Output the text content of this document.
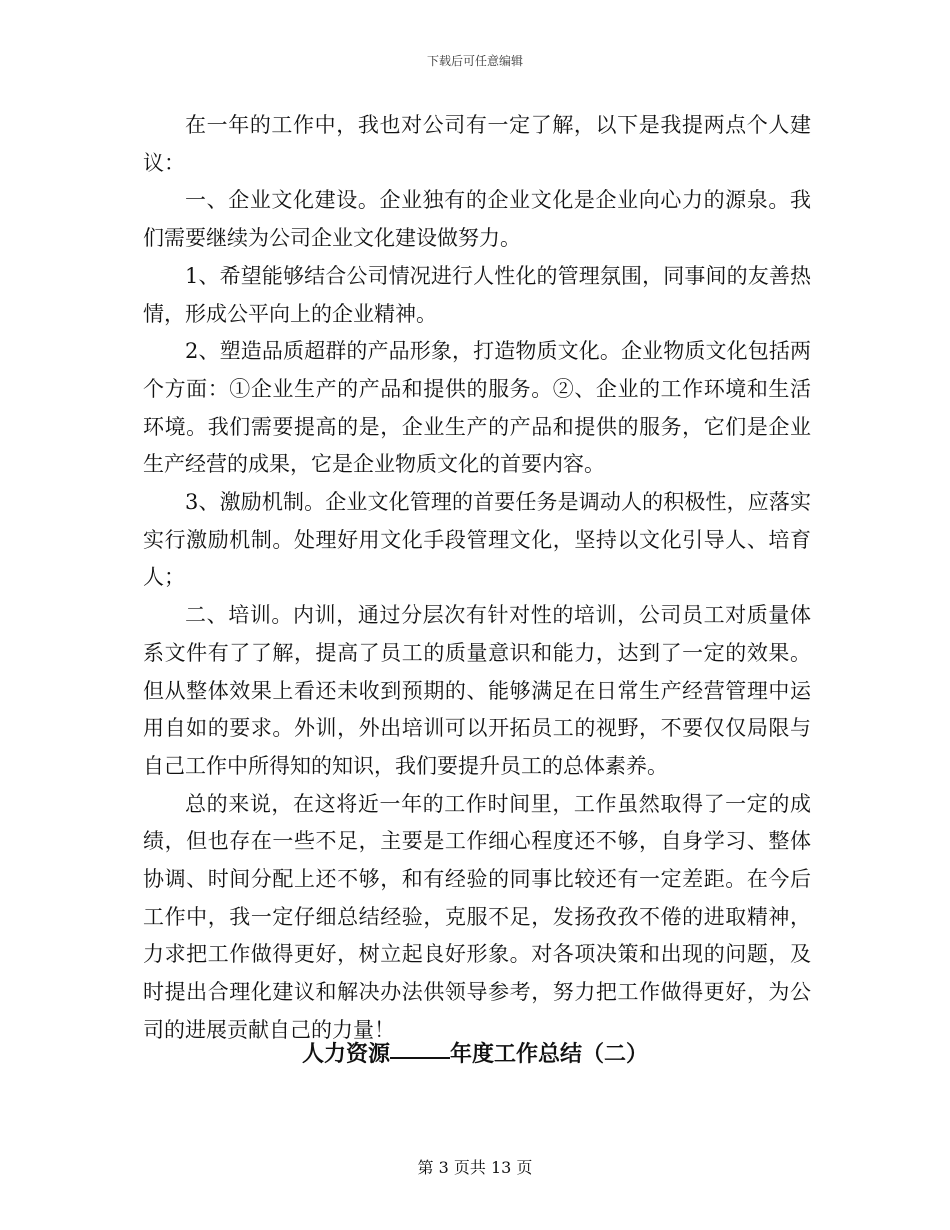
下载后可任意编辑

在一年的工作中，我也对公司有一定了解，以下是我提两点个人建议：

一、企业文化建设。企业独有的企业文化是企业向心力的源泉。我们需要继续为公司企业文化建设做努力。

1、希望能够结合公司情况进行人性化的管理氛围，同事间的友善热情，形成公平向上的企业精神。

2、塑造品质超群的产品形象，打造物质文化。企业物质文化包括两个方面：①企业生产的产品和提供的服务。②、企业的工作环境和生活环境。我们需要提高的是，企业生产的产品和提供的服务，它们是企业生产经营的成果，它是企业物质文化的首要内容。

3、激励机制。企业文化管理的首要任务是调动人的积极性，应落实实行激励机制。处理好用文化手段管理文化，坚持以文化引导人、培育人；

二、培训。内训，通过分层次有针对性的培训，公司员工对质量体系文件有了了解，提高了员工的质量意识和能力，达到了一定的效果。但从整体效果上看还未收到预期的、能够满足在日常生产经营管理中运用自如的要求。外训，外出培训可以开拓员工的视野，不要仅仅局限与自己工作中所得知的知识，我们要提升员工的总体素养。

总的来说，在这将近一年的工作时间里，工作虽然取得了一定的成绩，但也存在一些不足，主要是工作细心程度还不够，自身学习、整体协调、时间分配上还不够，和有经验的同事比较还有一定差距。在今后工作中，我一定仔细总结经验，克服不足，发扬孜孜不倦的进取精神，力求把工作做得更好，树立起良好形象。对各项决策和出现的问题，及时提出合理化建议和解决办法供领导参考，努力把工作做得更好，为公司的进展贡献自己的力量！

人力资源	年度工作总结（二）
第 3 页共 13 页
